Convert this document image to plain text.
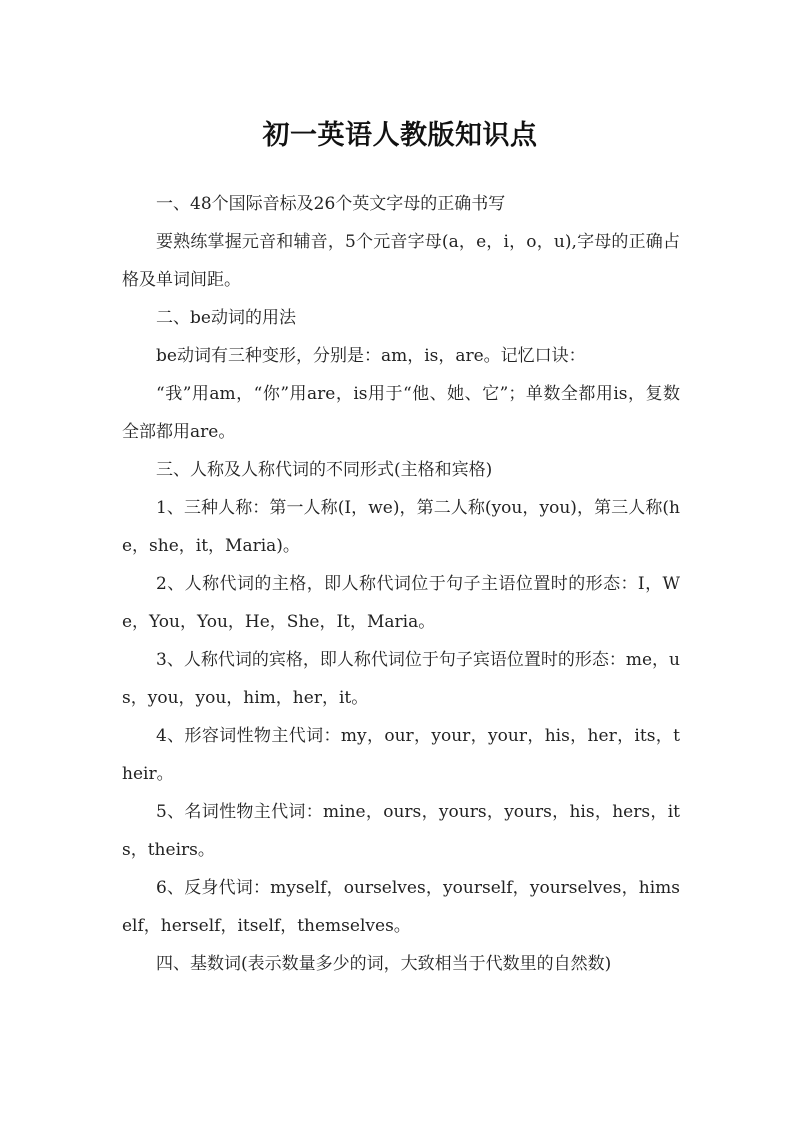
初一英语人教版知识点

一、48个国际音标及26个英文字母的正确书写

要熟练掌握元音和辅音，5个元音字母(a，e，i，o，u),字母的正确占格及单词间距。

二、be动词的用法

be动词有三种变形，分别是：am，is，are。记忆口诀：

“我”用am，“你”用are，is用于“他、她、它”；单数全都用is，复数全部都用are。

三、人称及人称代词的不同形式(主格和宾格)

1、三种人称：第一人称(I，we)，第二人称(you，you)，第三人称(he，she，it，Maria)。

2、人称代词的主格，即人称代词位于句子主语位置时的形态：I，We，You，You，He，She，It，Maria。

3、人称代词的宾格，即人称代词位于句子宾语位置时的形态：me，us，you，you，him，her，it。

4、形容词性物主代词：my，our，your，your，his，her，its，their。

5、名词性物主代词：mine，ours，yours，yours，his，hers，its，theirs。

6、反身代词：myself，ourselves，yourself，yourselves，himself，herself，itself，themselves。

四、基数词(表示数量多少的词，大致相当于代数里的自然数)
